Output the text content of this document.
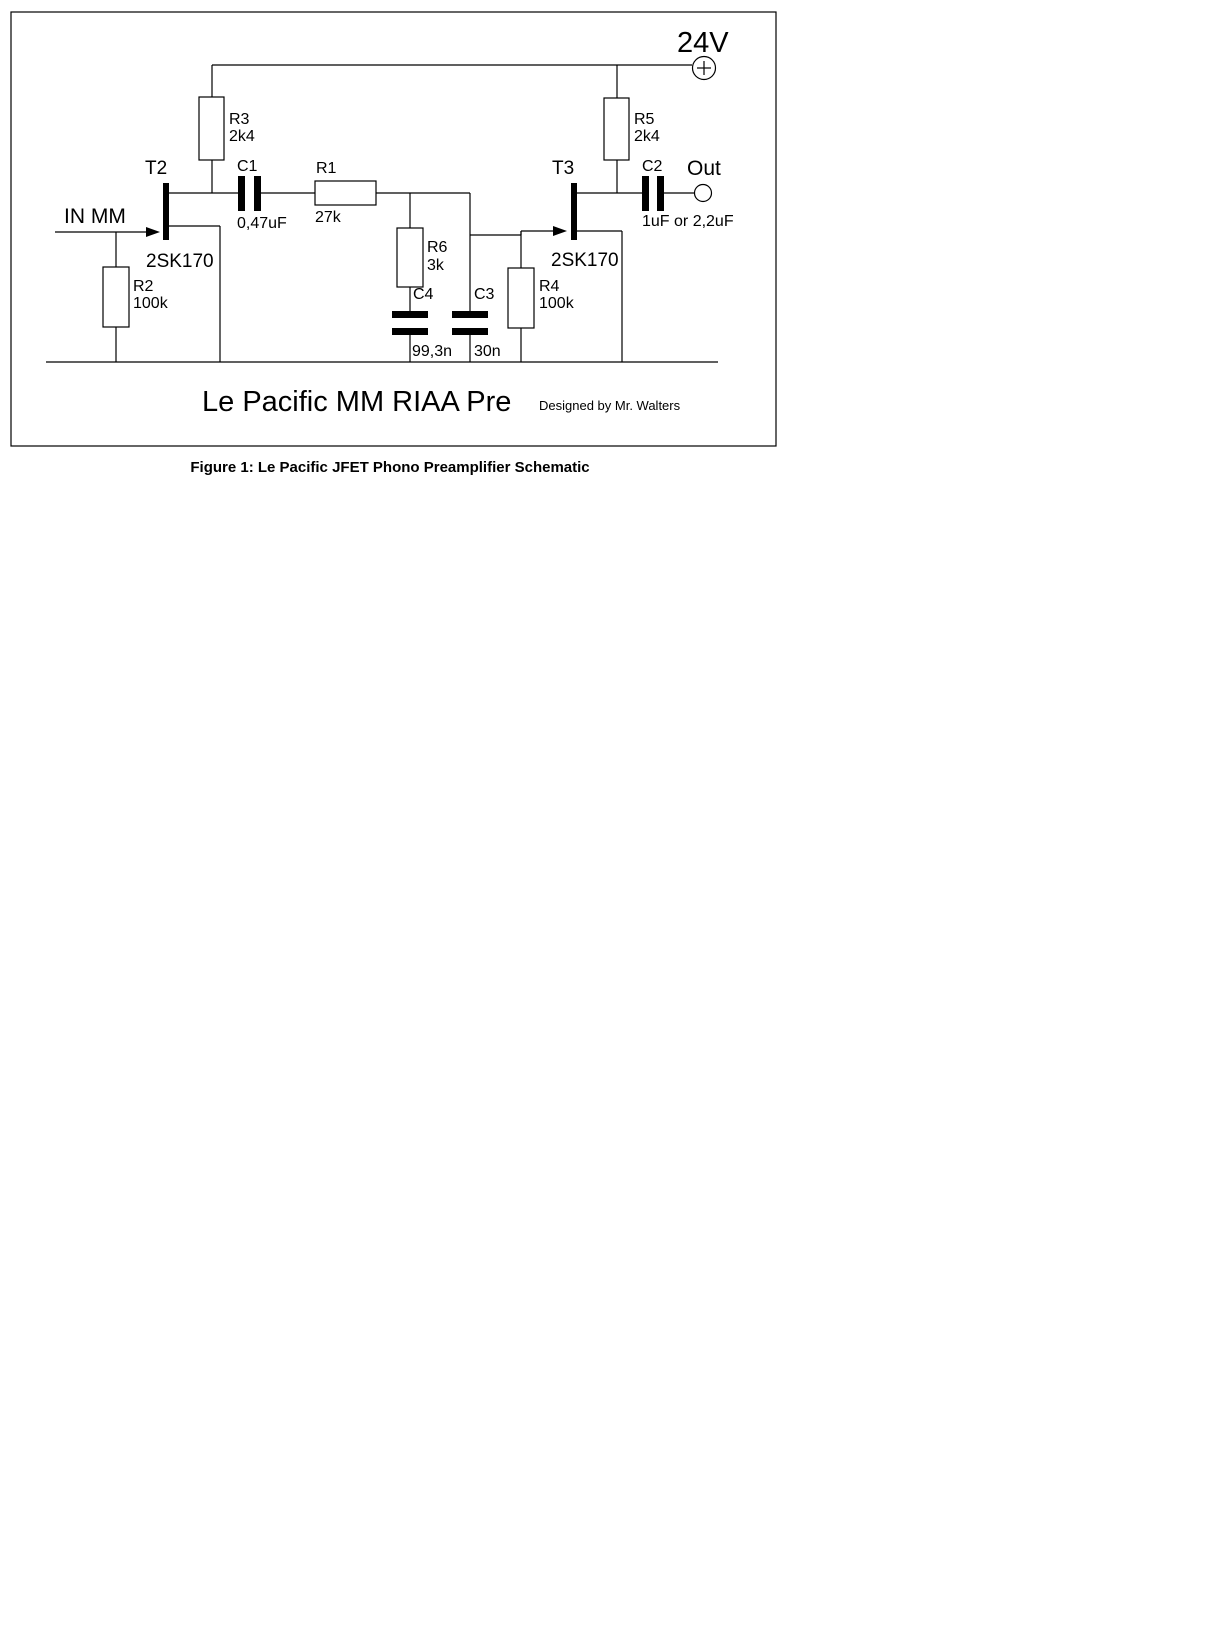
24V
Out
IN MM
T2
2SK170
T3
2SK170
R3
2k4
R5
2k4
R1
27k
R6
3k
R2
100k
R4
100k
C1
0,47uF
C2
1uF or 2,2uF
C4
99,3n
C3
30n
Le Pacific MM RIAA Pre Designed by Mr. Walters
Figure 1: Le Pacific JFET Phono Preamplifier Schematic
